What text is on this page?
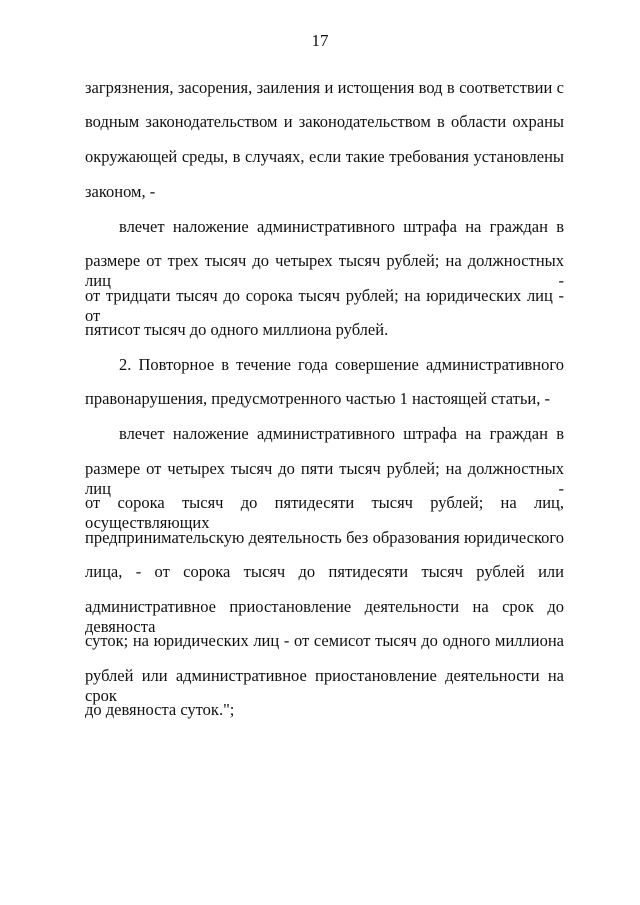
17
загрязнения, засорения, заиления и истощения вод в соответствии с
водным законодательством и законодательством в области охраны
окружающей среды, в случаях, если такие требования установлены
законом, -
влечет наложение административного штрафа на граждан в
размере от трех тысяч до четырех тысяч рублей; на должностных лиц -
от тридцати тысяч до сорока тысяч рублей; на юридических лиц - от
пятисот тысяч до одного миллиона рублей.
2. Повторное в течение года совершение административного
правонарушения, предусмотренного частью 1 настоящей статьи, -
влечет наложение административного штрафа на граждан в
размере от четырех тысяч до пяти тысяч рублей; на должностных лиц -
от сорока тысяч до пятидесяти тысяч рублей; на лиц, осуществляющих
предпринимательскую деятельность без образования юридического
лица, - от сорока тысяч до пятидесяти тысяч рублей или
административное приостановление деятельности на срок до девяноста
суток; на юридических лиц - от семисот тысяч до одного миллиона
рублей или административное приостановление деятельности на срок
до девяноста суток.";
